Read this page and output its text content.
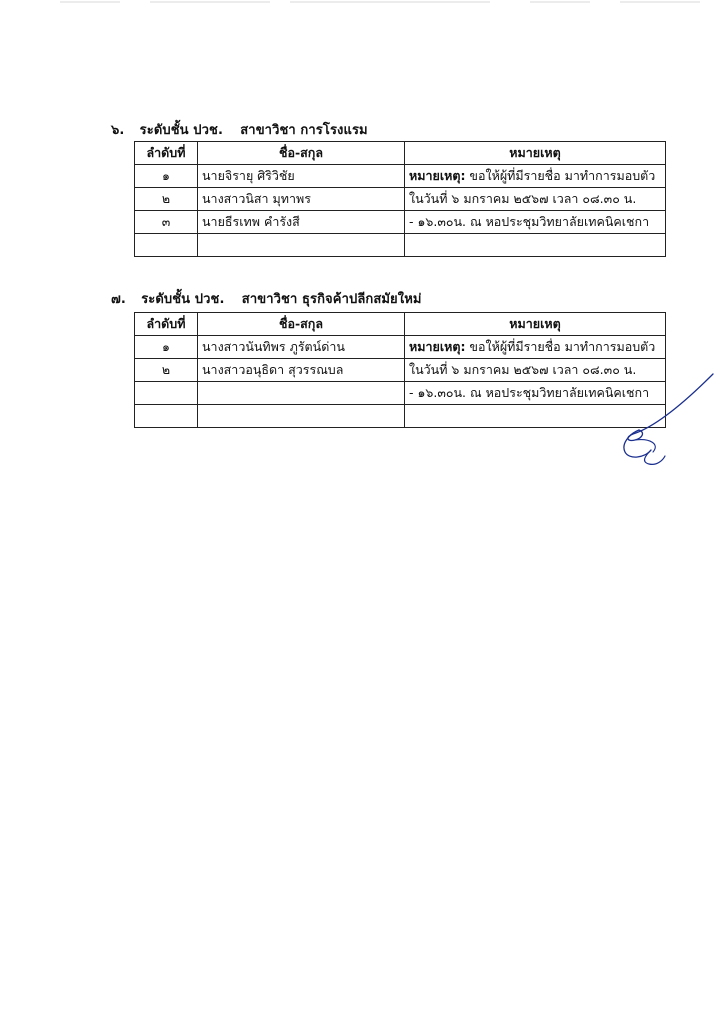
๖. ระดับชั้น ปวช. สาขาวิชา การโรงแรม
ลำดับที่	ชื่อ-สกุล	หมายเหตุ
๑	นายจิรายุ ศิริวิชัย	หมายเหตุ: ขอให้ผู้ที่มีรายชื่อ มาทำการมอบตัว
๒	นางสาวนิสา มุทาพร	ในวันที่ ๖ มกราคม ๒๕๖๗ เวลา ๐๘.๓๐ น.
๓	นายธีรเทพ คำรังสี	- ๑๖.๓๐น. ณ หอประชุมวิทยาลัยเทคนิคเชกา

๗. ระดับชั้น ปวช. สาขาวิชา ธุรกิจค้าปลีกสมัยใหม่
ลำดับที่	ชื่อ-สกุล	หมายเหตุ
๑	นางสาวนันทิพร ภูรัตน์ด่าน	หมายเหตุ: ขอให้ผู้ที่มีรายชื่อ มาทำการมอบตัว
๒	นางสาวอนุธิดา สุวรรณบล	ในวันที่ ๖ มกราคม ๒๕๖๗ เวลา ๐๘.๓๐ น.
		- ๑๖.๓๐น. ณ หอประชุมวิทยาลัยเทคนิคเชกา
